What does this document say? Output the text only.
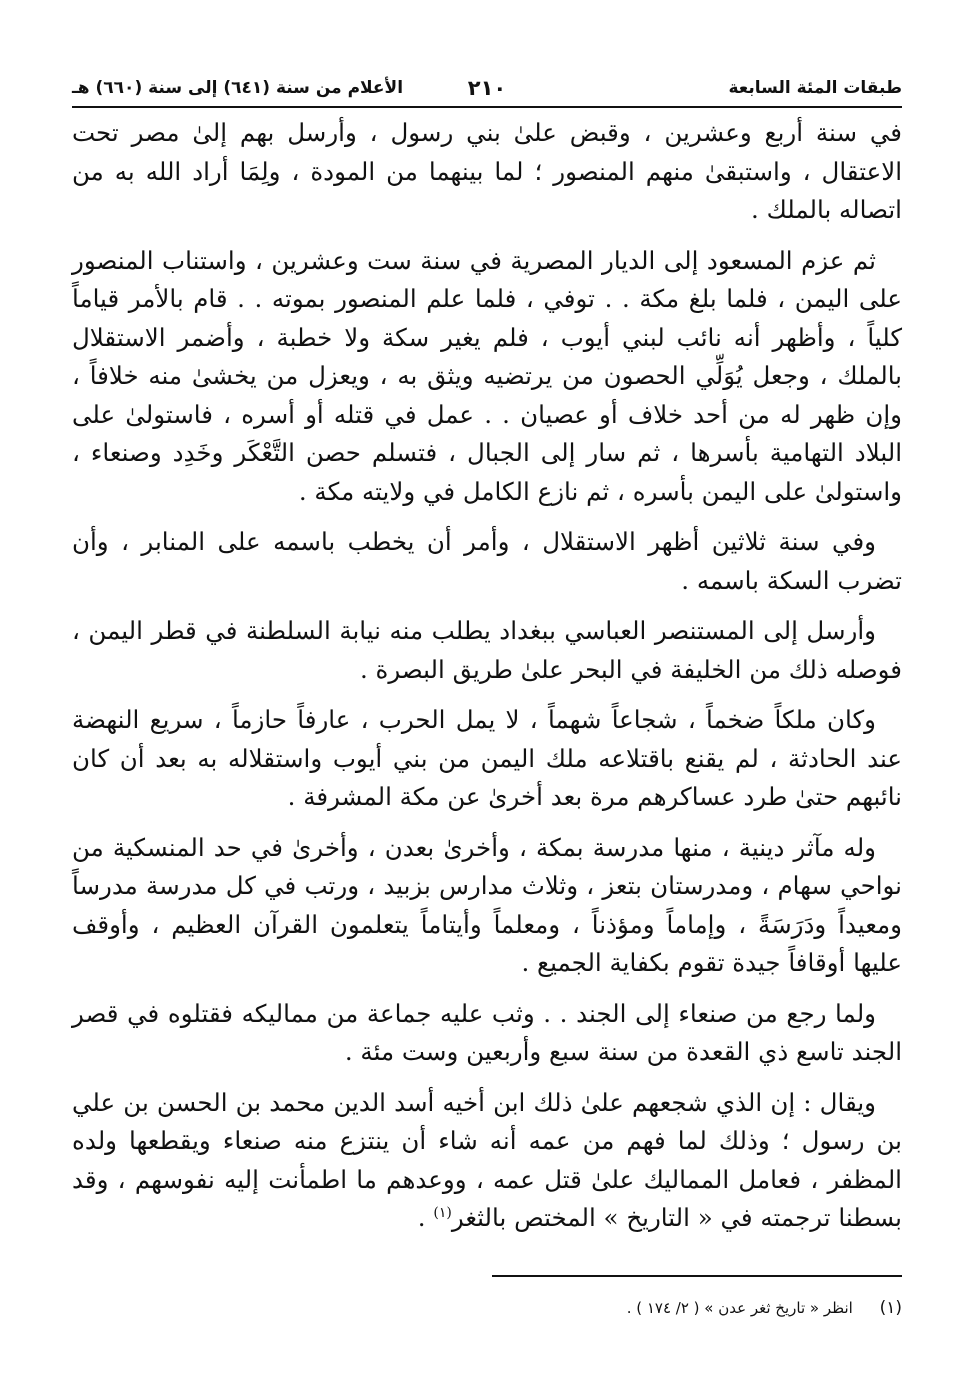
طبقات المئة السابعة
٢١٠
الأعلام من سنة (٦٤١) إلى سنة (٦٦٠) هـ

في سنة أربع وعشرين ، وقبض علىٰ بني رسول ، وأرسل بهم إلىٰ مصر تحت الاعتقال ، واستبقىٰ منهم المنصور ؛ لما بينهما من المودة ، ولِمَا أراد الله به من اتصاله بالملك .

ثم عزم المسعود إلى الديار المصرية في سنة ست وعشرين ، واستناب المنصور على اليمن ، فلما بلغ مكة . . توفي ، فلما علم المنصور بموته . . قام بالأمر قياماً كلياً ، وأظهر أنه نائب لبني أيوب ، فلم يغير سكة ولا خطبة ، وأضمر الاستقلال بالملك ، وجعل يُوَلِّي الحصون من يرتضيه ويثق به ، ويعزل من يخشىٰ منه خلافاً ، وإن ظهر له من أحد خلاف أو عصيان . . عمل في قتله أو أسره ، فاستولىٰ على البلاد التهامية بأسرها ، ثم سار إلى الجبال ، فتسلم حصن التَّعْكَر وخَدِد وصنعاء ، واستولىٰ على اليمن بأسره ، ثم نازع الكامل في ولايته مكة .

وفي سنة ثلاثين أظهر الاستقلال ، وأمر أن يخطب باسمه على المنابر ، وأن تضرب السكة باسمه .

وأرسل إلى المستنصر العباسي ببغداد يطلب منه نيابة السلطنة في قطر اليمن ، فوصله ذلك من الخليفة في البحر علىٰ طريق البصرة .

وكان ملكاً ضخماً ، شجاعاً شهماً ، لا يمل الحرب ، عارفاً حازماً ، سريع النهضة عند الحادثة ، لم يقنع باقتلاعه ملك اليمن من بني أيوب واستقلاله به بعد أن كان نائبهم حتىٰ طرد عساكرهم مرة بعد أخرىٰ عن مكة المشرفة .

وله مآثر دينية ، منها مدرسة بمكة ، وأخرىٰ بعدن ، وأخرىٰ في حد المنسكية من نواحي سهام ، ومدرستان بتعز ، وثلاث مدارس بزبيد ، ورتب في كل مدرسة مدرساً ومعيداً ودَرَسَةً ، وإماماً ومؤذناً ، ومعلماً وأيتاماً يتعلمون القرآن العظيم ، وأوقف عليها أوقافاً جيدة تقوم بكفاية الجميع .

ولما رجع من صنعاء إلى الجند . . وثب عليه جماعة من مماليكه فقتلوه في قصر الجند تاسع ذي القعدة من سنة سبع وأربعين وست مئة .

ويقال : إن الذي شجعهم علىٰ ذلك ابن أخيه أسد الدين محمد بن الحسن بن علي بن رسول ؛ وذلك لما فهم من عمه أنه شاء أن ينتزع منه صنعاء ويقطعها ولده المظفر ، فعامل المماليك علىٰ قتل عمه ، ووعدهم ما اطمأنت إليه نفوسهم ، وقد بسطنا ترجمته في « التاريخ » المختص بالثغر$^{(١)}$ .

(١) انظر « تاريخ ثغر عدن » ( ٢/ ١٧٤ ) .
